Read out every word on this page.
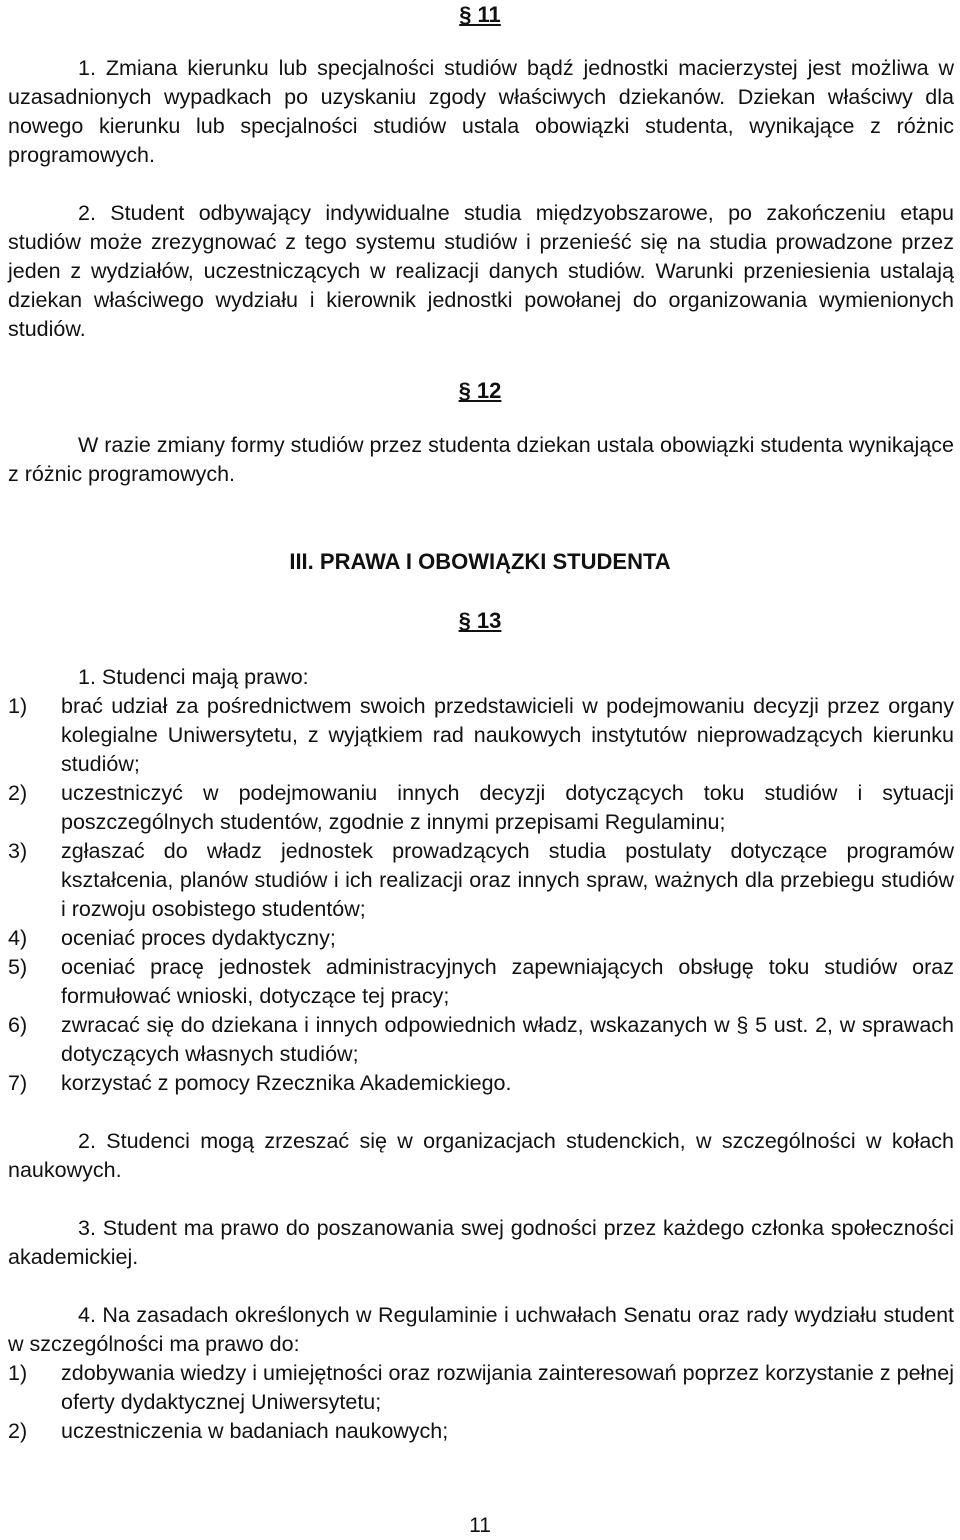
§ 11
1. Zmiana kierunku lub specjalności studiów bądź jednostki macierzystej jest możliwa w uzasadnionych wypadkach po uzyskaniu zgody właściwych dziekanów. Dziekan właściwy dla nowego kierunku lub specjalności studiów ustala obowiązki studenta, wynikające z różnic programowych.
2. Student odbywający indywidualne studia międzyobszarowe, po zakończeniu etapu studiów może zrezygnować z tego systemu studiów i przenieść się na studia prowadzone przez jeden z wydziałów, uczestniczących w realizacji danych studiów. Warunki przeniesienia ustalają dziekan właściwego wydziału i kierownik jednostki powołanej do organizowania wymienionych studiów.
§ 12
W razie zmiany formy studiów przez studenta dziekan ustala obowiązki studenta wynikające z różnic programowych.
III. PRAWA I OBOWIĄZKI STUDENTA
§ 13
1. Studenci mają prawo:
1)	brać udział za pośrednictwem swoich przedstawicieli w podejmowaniu decyzji przez organy kolegialne Uniwersytetu, z wyjątkiem rad naukowych instytutów nieprowadzących kierunku studiów;
2)	uczestniczyć w podejmowaniu innych decyzji dotyczących toku studiów i sytuacji poszczególnych studentów, zgodnie z innymi przepisami Regulaminu;
3)	zgłaszać do władz jednostek prowadzących studia postulaty dotyczące programów kształcenia, planów studiów i ich realizacji oraz innych spraw, ważnych dla przebiegu studiów i rozwoju osobistego studentów;
4)	oceniać proces dydaktyczny;
5)	oceniać pracę jednostek administracyjnych zapewniających obsługę toku studiów oraz formułować wnioski, dotyczące tej pracy;
6)	zwracać się do dziekana i innych odpowiednich władz, wskazanych w § 5 ust. 2, w sprawach dotyczących własnych studiów;
7)	korzystać z pomocy Rzecznika Akademickiego.
2. Studenci mogą zrzeszać się w organizacjach studenckich, w szczególności w kołach naukowych.
3. Student ma prawo do poszanowania swej godności przez każdego członka społeczności akademickiej.
4. Na zasadach określonych w Regulaminie i uchwałach Senatu oraz rady wydziału student w szczególności ma prawo do:
1)	zdobywania wiedzy i umiejętności oraz rozwijania zainteresowań poprzez korzystanie z pełnej oferty dydaktycznej Uniwersytetu;
2)	uczestniczenia w badaniach naukowych;
11
